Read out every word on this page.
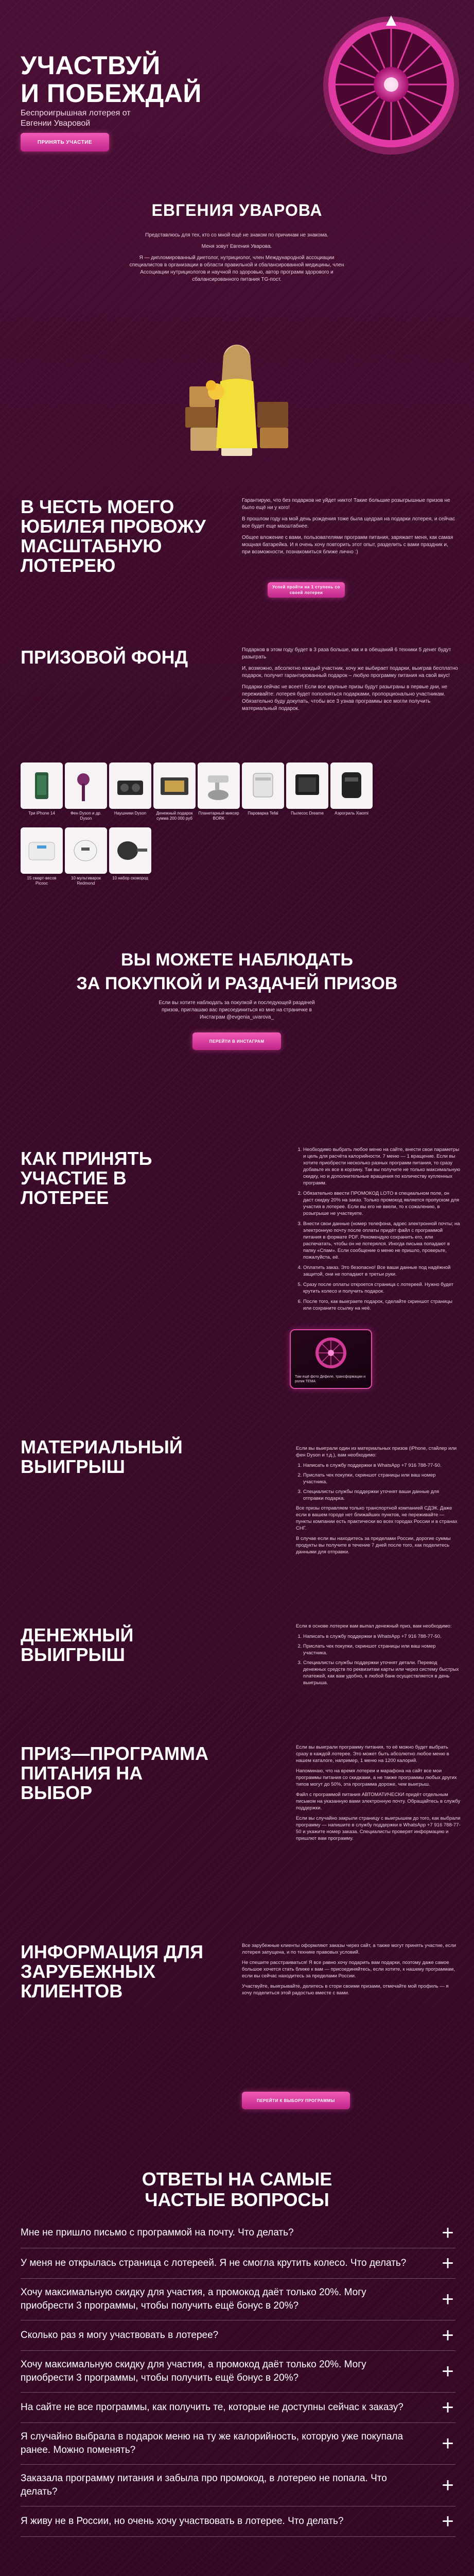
УЧАСТВУЙ
И ПОБЕЖДАЙ
Беспроигрышная лотерея от Евгении Уваровой
ПРИНЯТЬ УЧАСТИЕ
ЕВГЕНИЯ УВАРОВА

Представлюсь для тех, кто со мной ещё не знаком по причинам не знакома.

Меня зовут Евгения Уварова.

Я — дипломированный диетолог, нутрициолог, член Международной ассоциации специалистов в организации в области правильной и сбалансированной медицины, член Ассоциации нутрициологов и научной по здоровью, автор программ здорового и сбалансированного питания TG-пост.

В ЧЕСТЬ МОЕГО ЮБИЛЕЯ ПРОВОЖУ МАСШТАБНУЮ ЛОТЕРЕЮ

Гарантирую, что без подарков не уйдет никто! Такие большие розыгрышные призов не было ещё ни у кого!

В прошлом году на мой день рождения тоже была щедрая на подарки лотерея, и сейчас все будет еще масштабнее.

Общее вложение с вами, пользователями программ питания, заряжает меня, как самая мощная батарейка. И я очень хочу повторить этот опыт, разделить с вами праздник и, при возможности, познакомиться ближе лично :)

Успей пройти на 1 ступень со своей лотереи
ПРИЗОВОЙ ФОНД	Подарков в этом году будет в 3 раза больше, как и в обещаний 6 техники 5 денег будут разыграть

И, возможно, абсолютно каждый участник, хочу же выбирает подарки, выиграв бесплатно подарок, получит гарантированный подарок – любую программу питания на свой вкус!

Подарки сейчас не всеет! Если все крупные призы будут разыграны в первые дни, не переживайте: лотерея будет пополняться подарками, пропорционально участникам. Обязательно буду докупать, чтобы все 3 узнав программы все могли получить материальный подарок.

Три iPhone 14	Фен Dyson и др. Dyson
Наушники Dyson	Денежный подарок сумма 200 000 руб
Планетарный миксер BORK
Пароварка Tefal	Пылесос Dreame	Аэрогриль Xiaomi
15 смарт-весов Picooc
10 мультиварок Redmond
10 набор сковород
ВЫ МОЖЕТЕ НАБЛЮДАТЬ
ЗА ПОКУПКОЙ И РАЗДАЧЕЙ ПРИЗОВ
Если вы хотите наблюдать за покупкой и последующей раздачей призов, приглашаю вас присоединиться ко мне на страничке в Инстаграм @evgenia_uvarova_
ПЕРЕЙТИ В ИНСТАГРАМ
КАК ПРИНЯТЬ УЧАСТИЕ В ЛОТЕРЕЕ
1. Необходимо выбрать любое меню на сайте, внести свои параметры и цель для расчёта калорийности. 7 меню — 1 вращение. Если вы хотите приобрести несколько разных программ питания, то сразу добавьте их все в корзину. Так вы получите не только максимальную скидку, но и дополнительные вращения по количеству купленных программ.
2. Обязательно ввести ПРОМОКОД LOTO в специальном поле, он даст скидку 20% на заказ. Только промокод является пропуском для участия в лотерее. Если вы его не ввели, то к сожалению, в розыгрыше не участвуете.
3. Внести свои данные (номер телефона, адрес электронной почты; на электронную почту после оплаты придёт файл с программой питания в формате PDF. Рекомендую сохранить его, или распечатать, чтобы он не потерялся. Иногда письма попадают в папку «Спам». Если сообщение о меню не пришло, проверьте, пожалуйста, её.
4. Оплатить заказ. Это безопасно! Все ваши данные под надёжной защитой, они не попадают в третьи руки.
5. Сразу после оплаты откроется страница с лотереей. Нужно будет крутить колесо и получить подарок.
6. После того, как выиграете подарок, сделайте скриншот страницы или сохраните ссылку на неё.
Там ещё фото Дефиле, трансформации и ролик ТЕМА
МАТЕРИАЛЬНЫЙ ВЫИГРЫШ

Если вы выиграли один из материальных призов (iPhone, стайлер или фен Dyson и т.д.), вам необходимо:

1. Написать в службу поддержки в WhatsApp +7 916 788-77-50.
2. Прислать чек покупки, скриншот страницы или ваш номер участника.
3. Специалисты службы поддержки уточнят ваши данные для отправки подарка.

Все призы отправляем только транспортной компанией СДЭК. Даже если в вашем городе нет ближайших пунктов, не переживайте — пункты компании есть практически во всех городах России и в странах СНГ.

В случае если вы находитесь за пределами России, дорогие суммы продукты вы получите в течение 7 дней после того, как поделитесь данными для отправки.

ДЕНЕЖНЫЙ ВЫИГРЫШ

Если в основе лотереи вам выпал денежный приз, вам необходимо:

1. Написать в службу поддержки в WhatsApp +7 916 788-77-50.
2. Прислать чек покупки, скриншот страницы или ваш номер участника.
3. Специалисты службы поддержки уточнят детали. Перевод денежных средств по реквизитам карты или через систему быстрых платежей, как вам удобно, в любой банк осуществляется в день выигрыша.
ПРИЗ—ПРОГРАММА ПИТАНИЯ НА ВЫБОР

Если вы выиграли программу питания, то её можно будет выбрать сразу в каждой лотерее. Это может быть абсолютно любое меню в нашем каталоге, например, 1 меню на 1200 калорий.

Напоминаю, что на время лотереи и марафона на сайт все мои программы питания со скидками, а не также программы любых других типов могут до 50%, эта программа дороже, чем выигрыш.

Файл с программой питания АВТОМАТИЧЕСКИ придёт отдельным письмом на указанную вами электронную почту. Обращайтесь в службу поддержки.

Если вы случайно закрыли страницу с выигрышем до того, как выбрали программу — напишите в службу поддержки в WhatsApp +7 916 788-77-50 и укажите номер заказа. Специалисты проверят информацию и пришлют вам программу.

ИНФОРМАЦИЯ ДЛЯ ЗАРУБЕЖНЫХ КЛИЕНТОВ

Все зарубежные клиенты оформляют заказы через сайт, а также могут принять участие, если лотерея запущена, и по технике правовых условий.

Не спешите расстраиваться! Я все равно хочу подарить вам подарки, поэтому даже самое большое хочется стать ближе к вам — присоединяйтесь, если хотите, к нашему программам, если вы сейчас находитесь за пределами России.

Участвуйте, выигрывайте, делитесь в стори своими призами, отмечайте мой профиль — я хочу поделиться этой радостью вместе с вами.

ПЕРЕЙТИ К ВЫБОРУ ПРОГРАММЫ
ОТВЕТЫ НА САМЫЕ
ЧАСТЫЕ ВОПРОСЫ
Мне не пришло письмо с программой на почту. Что делать?	+
У меня не открылась страница с лотереей. Я не смогла крутить колесо. Что делать? +
Хочу максимальную скидку для участия, а промокод даёт только 20%. Могу приобрести 3 программы, чтобы получить ещё бонус в 20%?	+
Сколько раз я могу участвовать в лотерее?	+
Хочу максимальную скидку для участия, а промокод даёт только 20%. Могу приобрести 3 программы, чтобы получить ещё бонус в 20%?	+
На сайте не все программы, как получить те, которые не доступны сейчас к заказу?	+
Я случайно выбрала в подарок меню на ту же калорийность, которую уже покупала ранее. Можно поменять?	+
Заказала программу питания и забыла про промокод, в лотерею не попала. Что делать?	+
Я живу не в России, но очень хочу участвовать в лотерее. Что делать?	+
